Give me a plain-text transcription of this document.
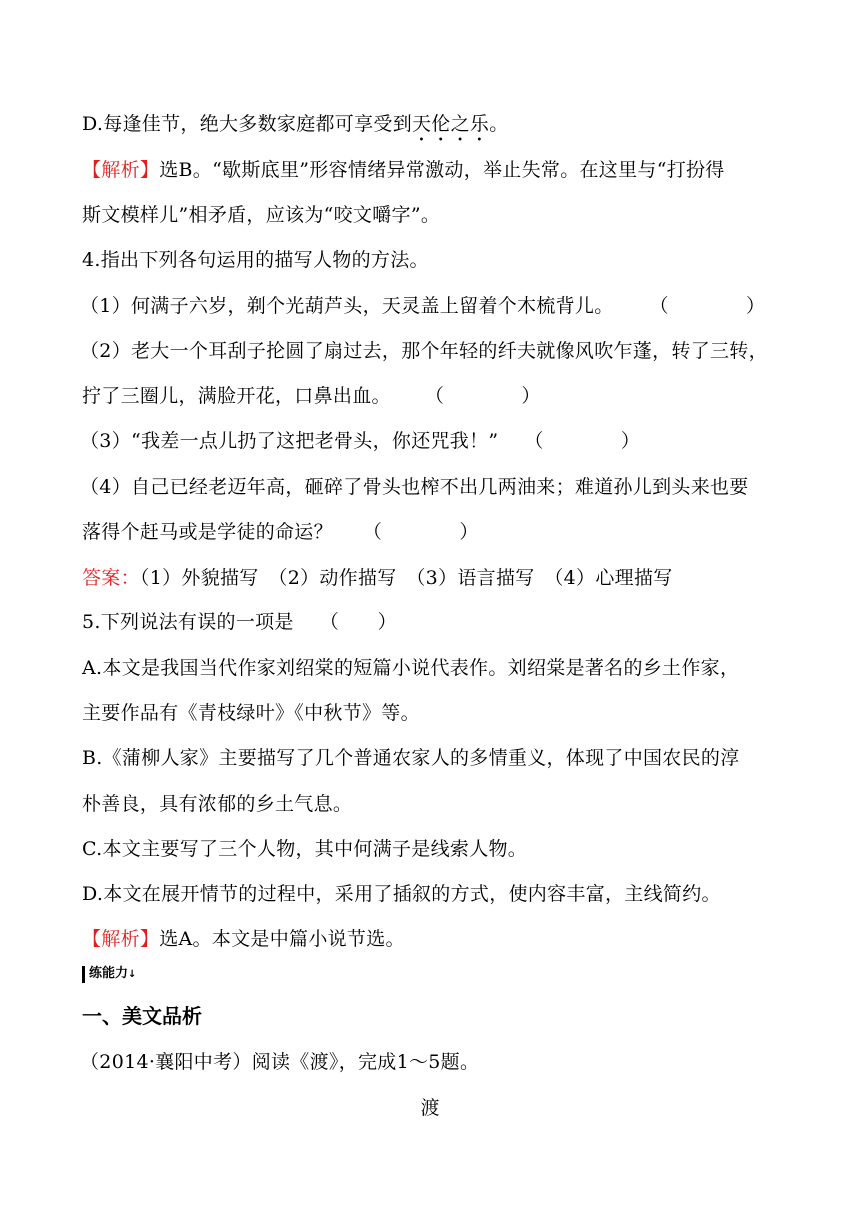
D.每逢佳节，绝大多数家庭都可享受到天伦之乐。
【解析】选B。“歇斯底里”形容情绪异常激动，举止失常。在这里与“打扮得
斯文模样儿”相矛盾，应该为“咬文嚼字”。
4.指出下列各句运用的描写人物的方法。
（1）何满子六岁，剃个光葫芦头，天灵盖上留着个木梳背儿。 （　　　　）
（2）老大一个耳刮子抡圆了扇过去，那个年轻的纤夫就像风吹乍蓬，转了三转，
拧了三圈儿，满脸开花，口鼻出血。 （　　　　）
（3）“我差一点儿扔了这把老骨头，你还咒我！” （　　　　）
（4）自己已经老迈年高，砸碎了骨头也榨不出几两油来；难道孙儿到头来也要
落得个赶马或是学徒的命运？ （　　　　）
答案：（1）外貌描写　（2）动作描写　（3）语言描写　（4）心理描写
5.下列说法有误的一项是 （　　）
A.本文是我国当代作家刘绍棠的短篇小说代表作。刘绍棠是著名的乡土作家，
主要作品有《青枝绿叶》《中秋节》等。
B.《蒲柳人家》主要描写了几个普通农家人的多情重义，体现了中国农民的淳
朴善良，具有浓郁的乡土气息。
C.本文主要写了三个人物，其中何满子是线索人物。
D.本文在展开情节的过程中，采用了插叙的方式，使内容丰富，主线简约。
【解析】选A。本文是中篇小说节选。
练能力↓
一、美文品析
（2014·襄阳中考）阅读《渡》，完成1～5题。
渡
